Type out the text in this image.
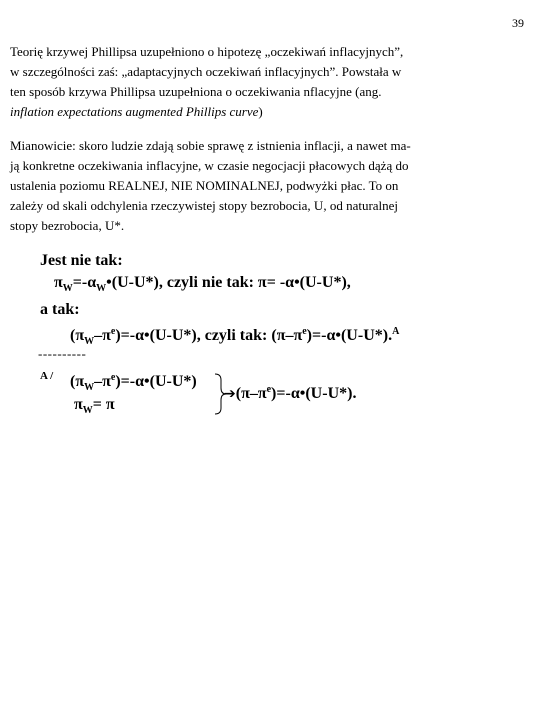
39
Teorię krzywej Phillipsa uzupełniono o hipotezę „oczekiwań inflacyjnych”,
w szczególności zaś: „adaptacyjnych oczekiwań inflacyjnych”. Powstała w
ten sposób krzywa Phillipsa uzupełniona o oczekiwania nflacyjne (ang.
inflation expectations augmented Phillips curve)
Mianowicie: skoro ludzie zdają sobie sprawę z istnienia inflacji, a nawet ma-
ją konkretne oczekiwania inflacyjne, w czasie negocjacji płacowych dążą do
ustalenia poziomu REALNEJ, NIE NOMINALNEJ, podwyżki płac. To on
zależy od skali odchylenia rzeczywistej stopy bezrobocia, U, od naturalnej
stopy bezrobocia, U*.
Jest nie tak:
$\pi_W=-\alpha_W•(U-U*)$, czyli nie tak: π= -α•(U-U*),
a tak:
$(\pi_W-\pi^e)=-\alpha•(U-U*)$, czyli tak: $(\pi-\pi^e)=-\alpha•(U-U*).^A$
----------
$A / (\pi_W-\pi^e)=-\alpha•(U-U*)$
$\pi_W= \pi$
$➔(\pi-\pi^e)=-\alpha•(U-U*)$.
